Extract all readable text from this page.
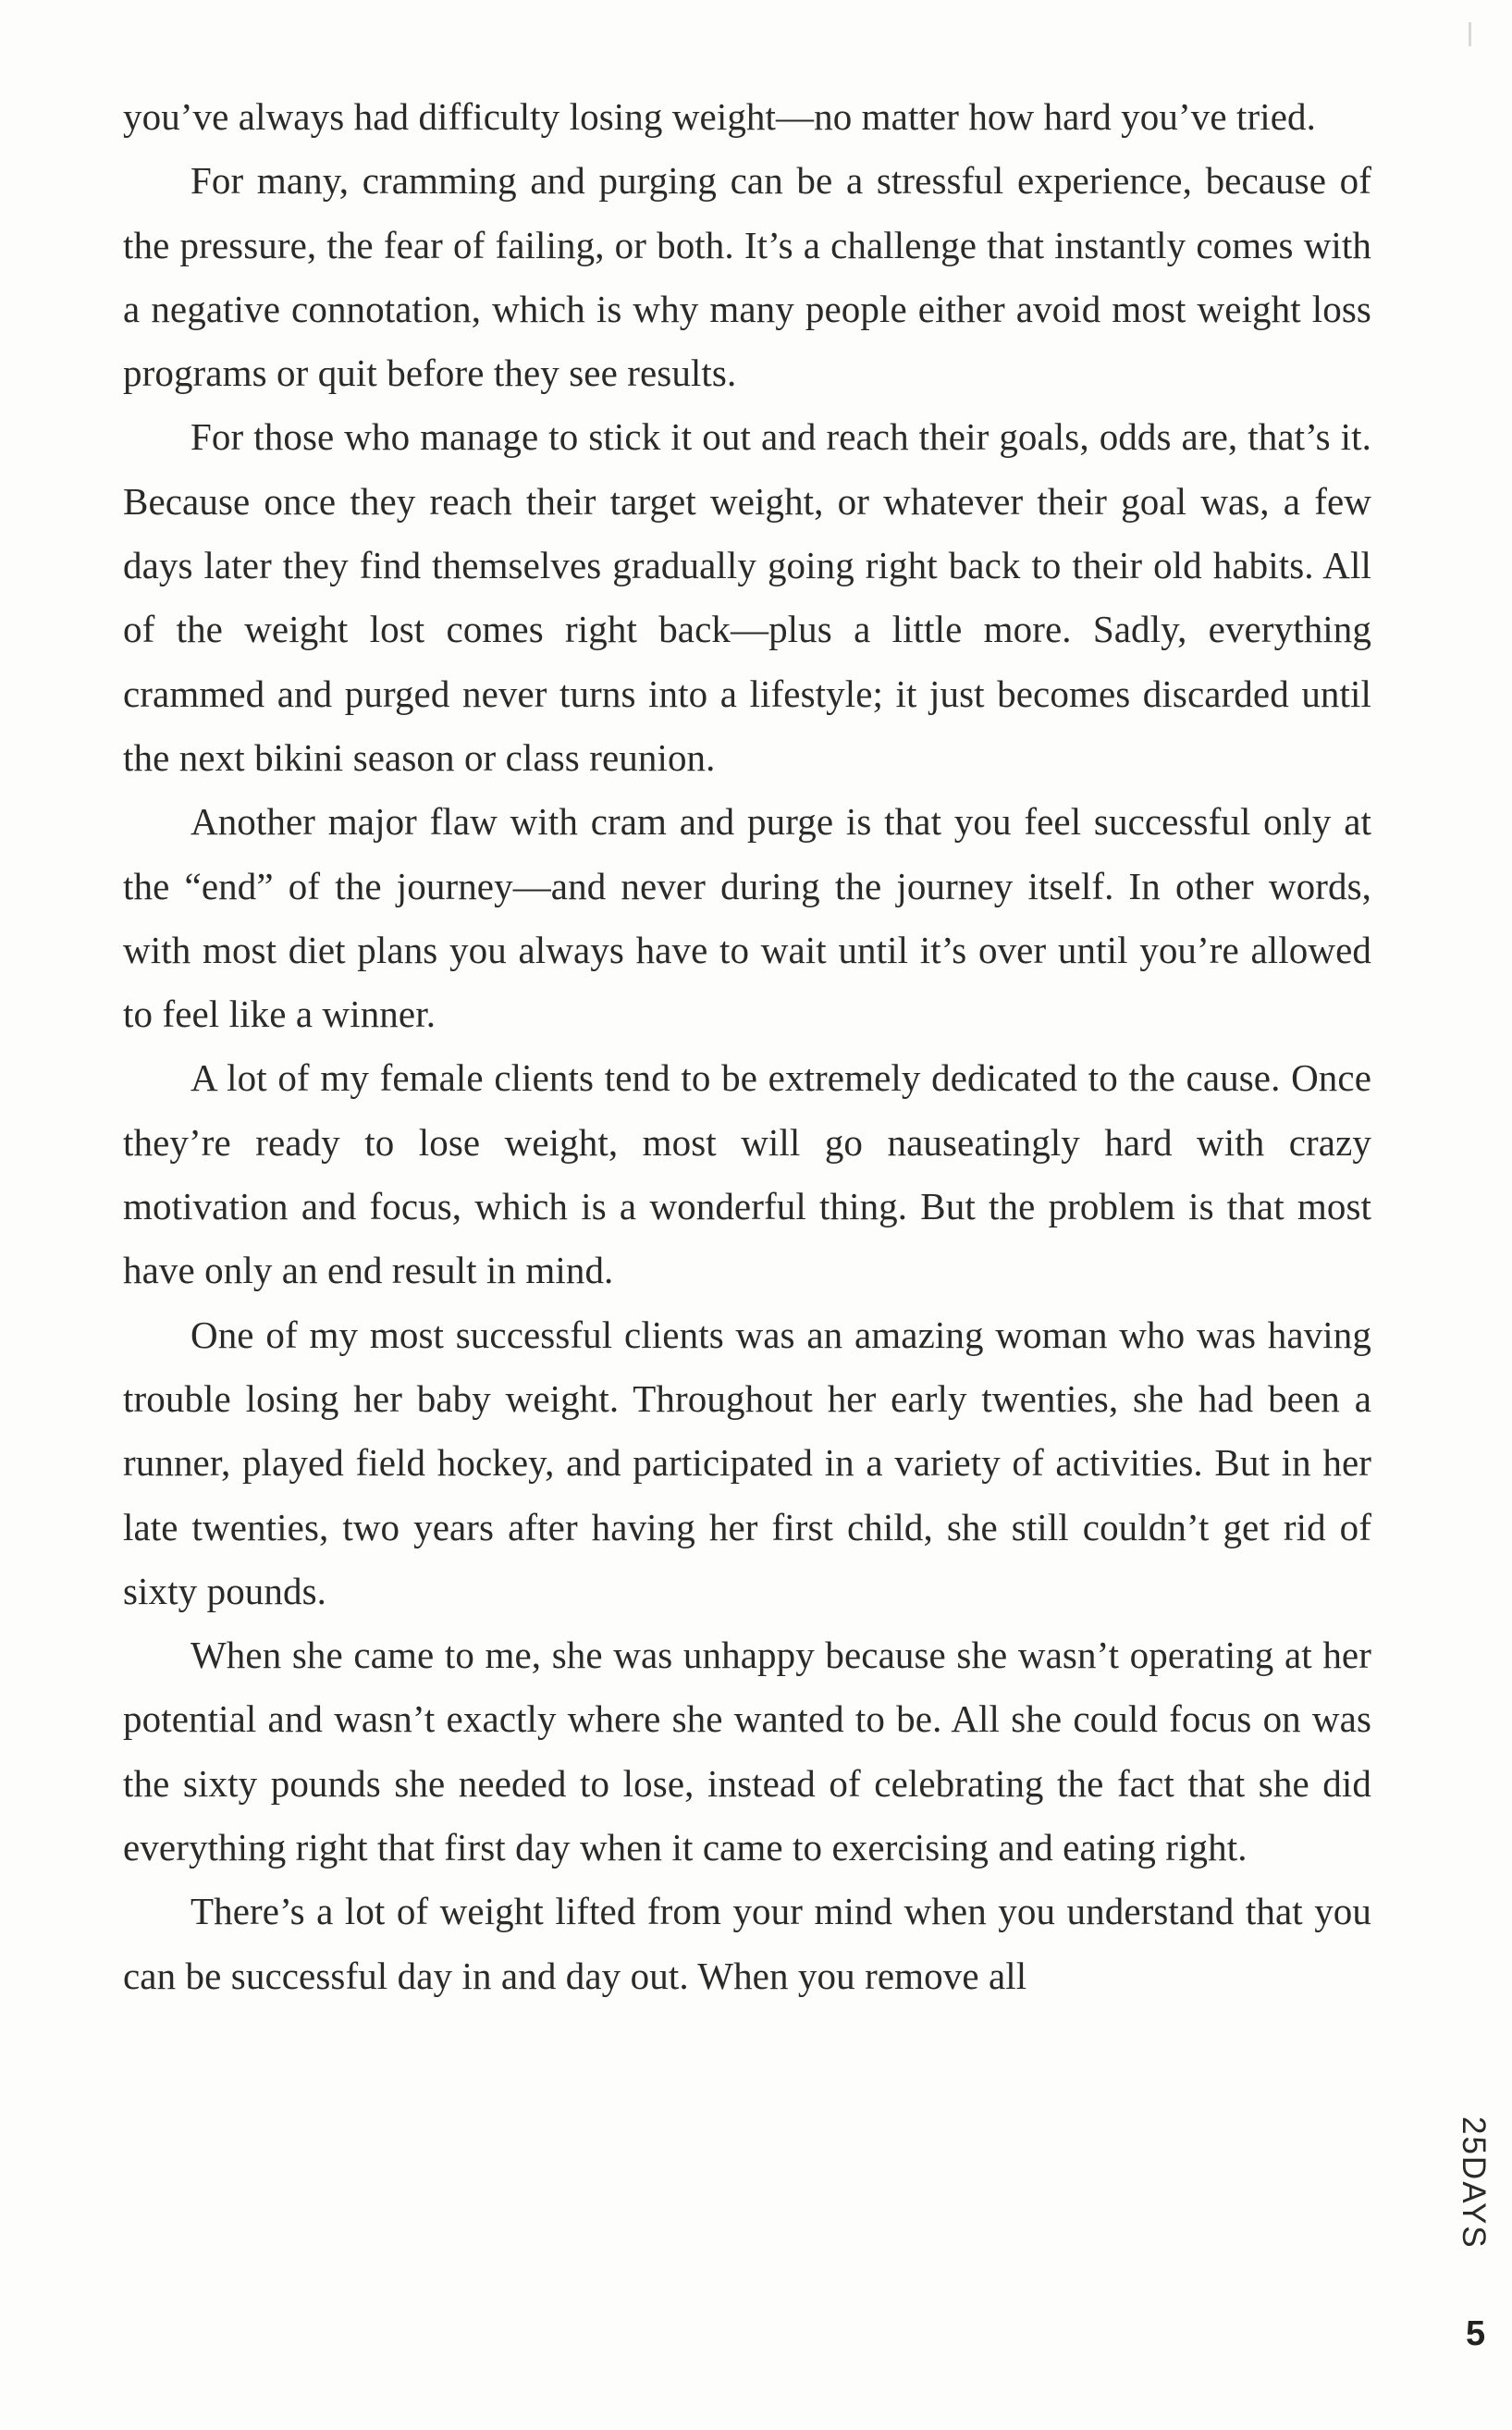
you’ve always had difficulty losing weight—no matter how hard you’ve tried.

For many, cramming and purging can be a stressful experience, because of the pressure, the fear of failing, or both. It’s a challenge that instantly comes with a negative connotation, which is why many people either avoid most weight loss programs or quit before they see results.

For those who manage to stick it out and reach their goals, odds are, that’s it. Because once they reach their target weight, or whatever their goal was, a few days later they find themselves gradually going right back to their old habits. All of the weight lost comes right back—plus a little more. Sadly, everything crammed and purged never turns into a lifestyle; it just becomes discarded until the next bikini season or class reunion.

Another major flaw with cram and purge is that you feel successful only at the “end” of the journey—and never during the journey itself. In other words, with most diet plans you always have to wait until it’s over until you’re allowed to feel like a winner.

A lot of my female clients tend to be extremely dedicated to the cause. Once they’re ready to lose weight, most will go nauseatingly hard with crazy motivation and focus, which is a wonderful thing. But the problem is that most have only an end result in mind.

One of my most successful clients was an amazing woman who was having trouble losing her baby weight. Throughout her early twenties, she had been a runner, played field hockey, and participated in a variety of activities. But in her late twenties, two years after having her first child, she still couldn’t get rid of sixty pounds.

When she came to me, she was unhappy because she wasn’t operating at her potential and wasn’t exactly where she wanted to be. All she could focus on was the sixty pounds she needed to lose, instead of celebrating the fact that she did everything right that first day when it came to exercising and eating right.

There’s a lot of weight lifted from your mind when you understand that you can be successful day in and day out. When you remove all

25DAYS
5
